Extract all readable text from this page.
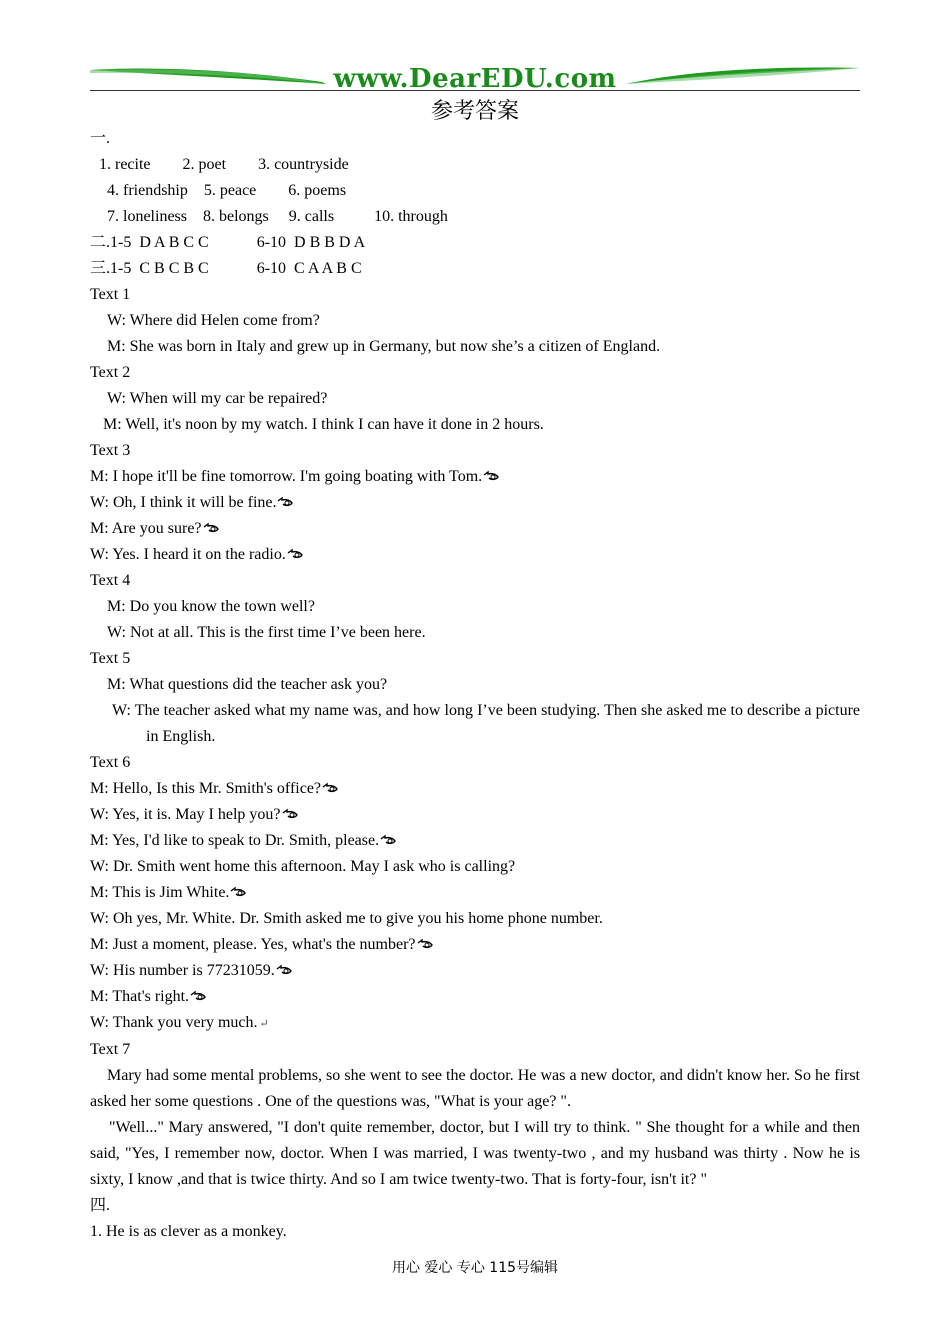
www.DearEDU.com
参考答案

一.

1. recite        2. poet        3. countryside

4. friendship    5. peace        6. poems

7. loneliness    8. belongs     9. calls          10. through

二.1-5  D A B C C            6-10  D B B D A

三.1-5  C B C B C            6-10  C A A B C

Text 1

W: Where did Helen come from?

M: She was born in Italy and grew up in Germany, but now she’s a citizen of England.

Text 2

W: When will my car be repaired?

M: Well, it's noon by my watch. I think I can have it done in 2 hours.

Text 3

M: I hope it'll be fine tomorrow. I'm going boating with Tom.

W: Oh, I think it will be fine.

M: Are you sure?

W: Yes. I heard it on the radio.

Text 4

M: Do you know the town well?

W: Not at all. This is the first time I’ve been here.

Text 5

M: What questions did the teacher ask you?

W: The teacher asked what my name was, and how long I’ve been studying. Then she asked me to describe a picture in English.

Text 6

M: Hello, Is this Mr. Smith's office?

W: Yes, it is. May I help you?

M: Yes, I'd like to speak to Dr. Smith, please.

W: Dr. Smith went home this afternoon. May I ask who is calling?

M: This is Jim White.

W: Oh yes, Mr. White. Dr. Smith asked me to give you his home phone number.

M: Just a moment, please. Yes, what's the number?

W: His number is 77231059.

M: That's right.

W: Thank you very much. ↵

Text 7

Mary had some mental problems, so she went to see the doctor. He was a new doctor, and didn't know her. So he first asked her some questions . One of the questions was, "What is your age? ".

"Well..." Mary answered, "I don't quite remember, doctor, but I will try to think. " She thought for a while and then said, "Yes, I remember now, doctor. When I was married, I was twenty-two , and my husband was thirty . Now he is sixty, I know ,and that is twice thirty. And so I am twice twenty-two. That is forty-four, isn't it? "

四.

1. He is as clever as a monkey.

用心 爱心 专心 115号编辑
